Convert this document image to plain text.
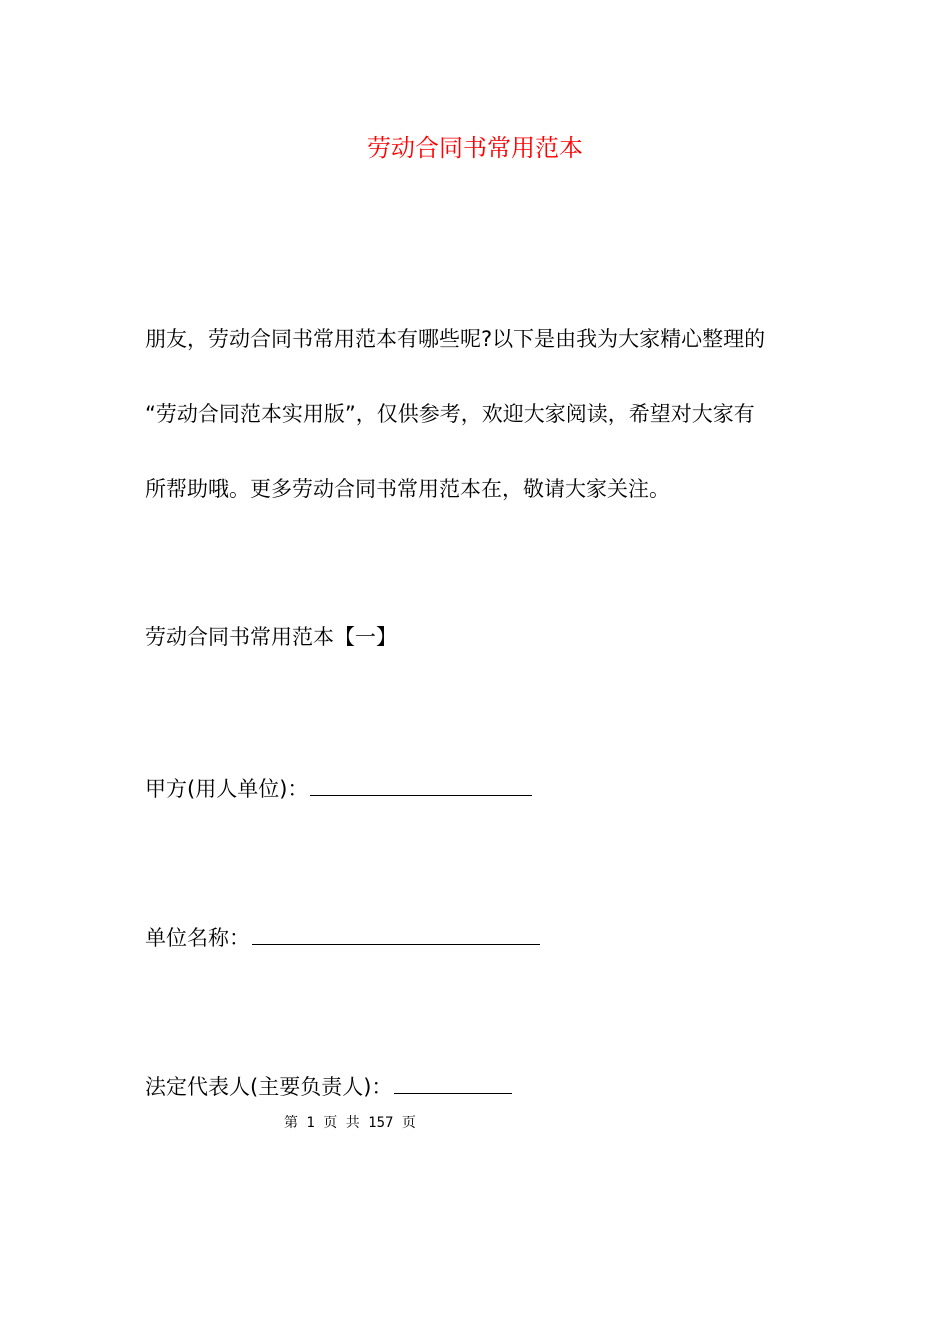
劳动合同书常用范本
朋友，劳动合同书常用范本有哪些呢?以下是由我为大家精心整理的
“劳动合同范本实用版”，仅供参考，欢迎大家阅读，希望对大家有
所帮助哦。更多劳动合同书常用范本在，敬请大家关注。
劳动合同书常用范本【一】
甲方(用人单位)：
单位名称：
法定代表人(主要负责人)：
第 1 页 共 157 页
